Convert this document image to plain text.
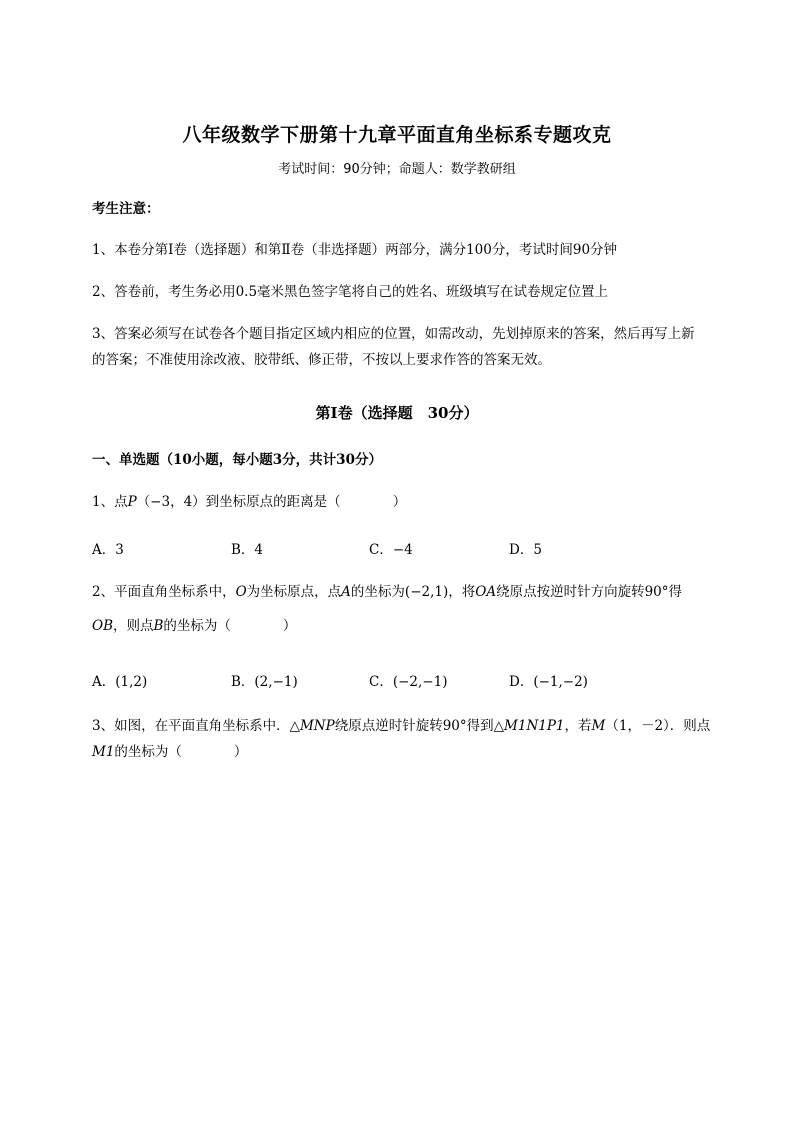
八年级数学下册第十九章平面直角坐标系专题攻克
考试时间：90分钟；命题人：数学教研组
考生注意：
1、本卷分第I卷（选择题）和第Ⅱ卷（非选择题）两部分，满分100分，考试时间90分钟
2、答卷前，考生务必用0.5毫米黑色签字笔将自己的姓名、班级填写在试卷规定位置上
3、答案必须写在试卷各个题目指定区域内相应的位置，如需改动，先划掉原来的答案，然后再写上新
的答案；不准使用涂改液、胶带纸、修正带，不按以上要求作答的答案无效。
第I卷（选择题　30分）
一、单选题（10小题，每小题3分，共计30分）
1、点P（−3，4）到坐标原点的距离是（	）
A．3	B．4	C．−4	D．5
2、平面直角坐标系中，O为坐标原点，点A的坐标为(−2,1)，将OA绕原点按逆时针方向旋转90°得
OB，则点B的坐标为（	）
A．(1,2)	B．(2,−1)	C．(−2,−1)	D．(−1,−2)
3、如图，在平面直角坐标系中．△MNP绕原点逆时针旋转90°得到△M1N1P1，若M（1，－2）．则点
M1的坐标为（	）
